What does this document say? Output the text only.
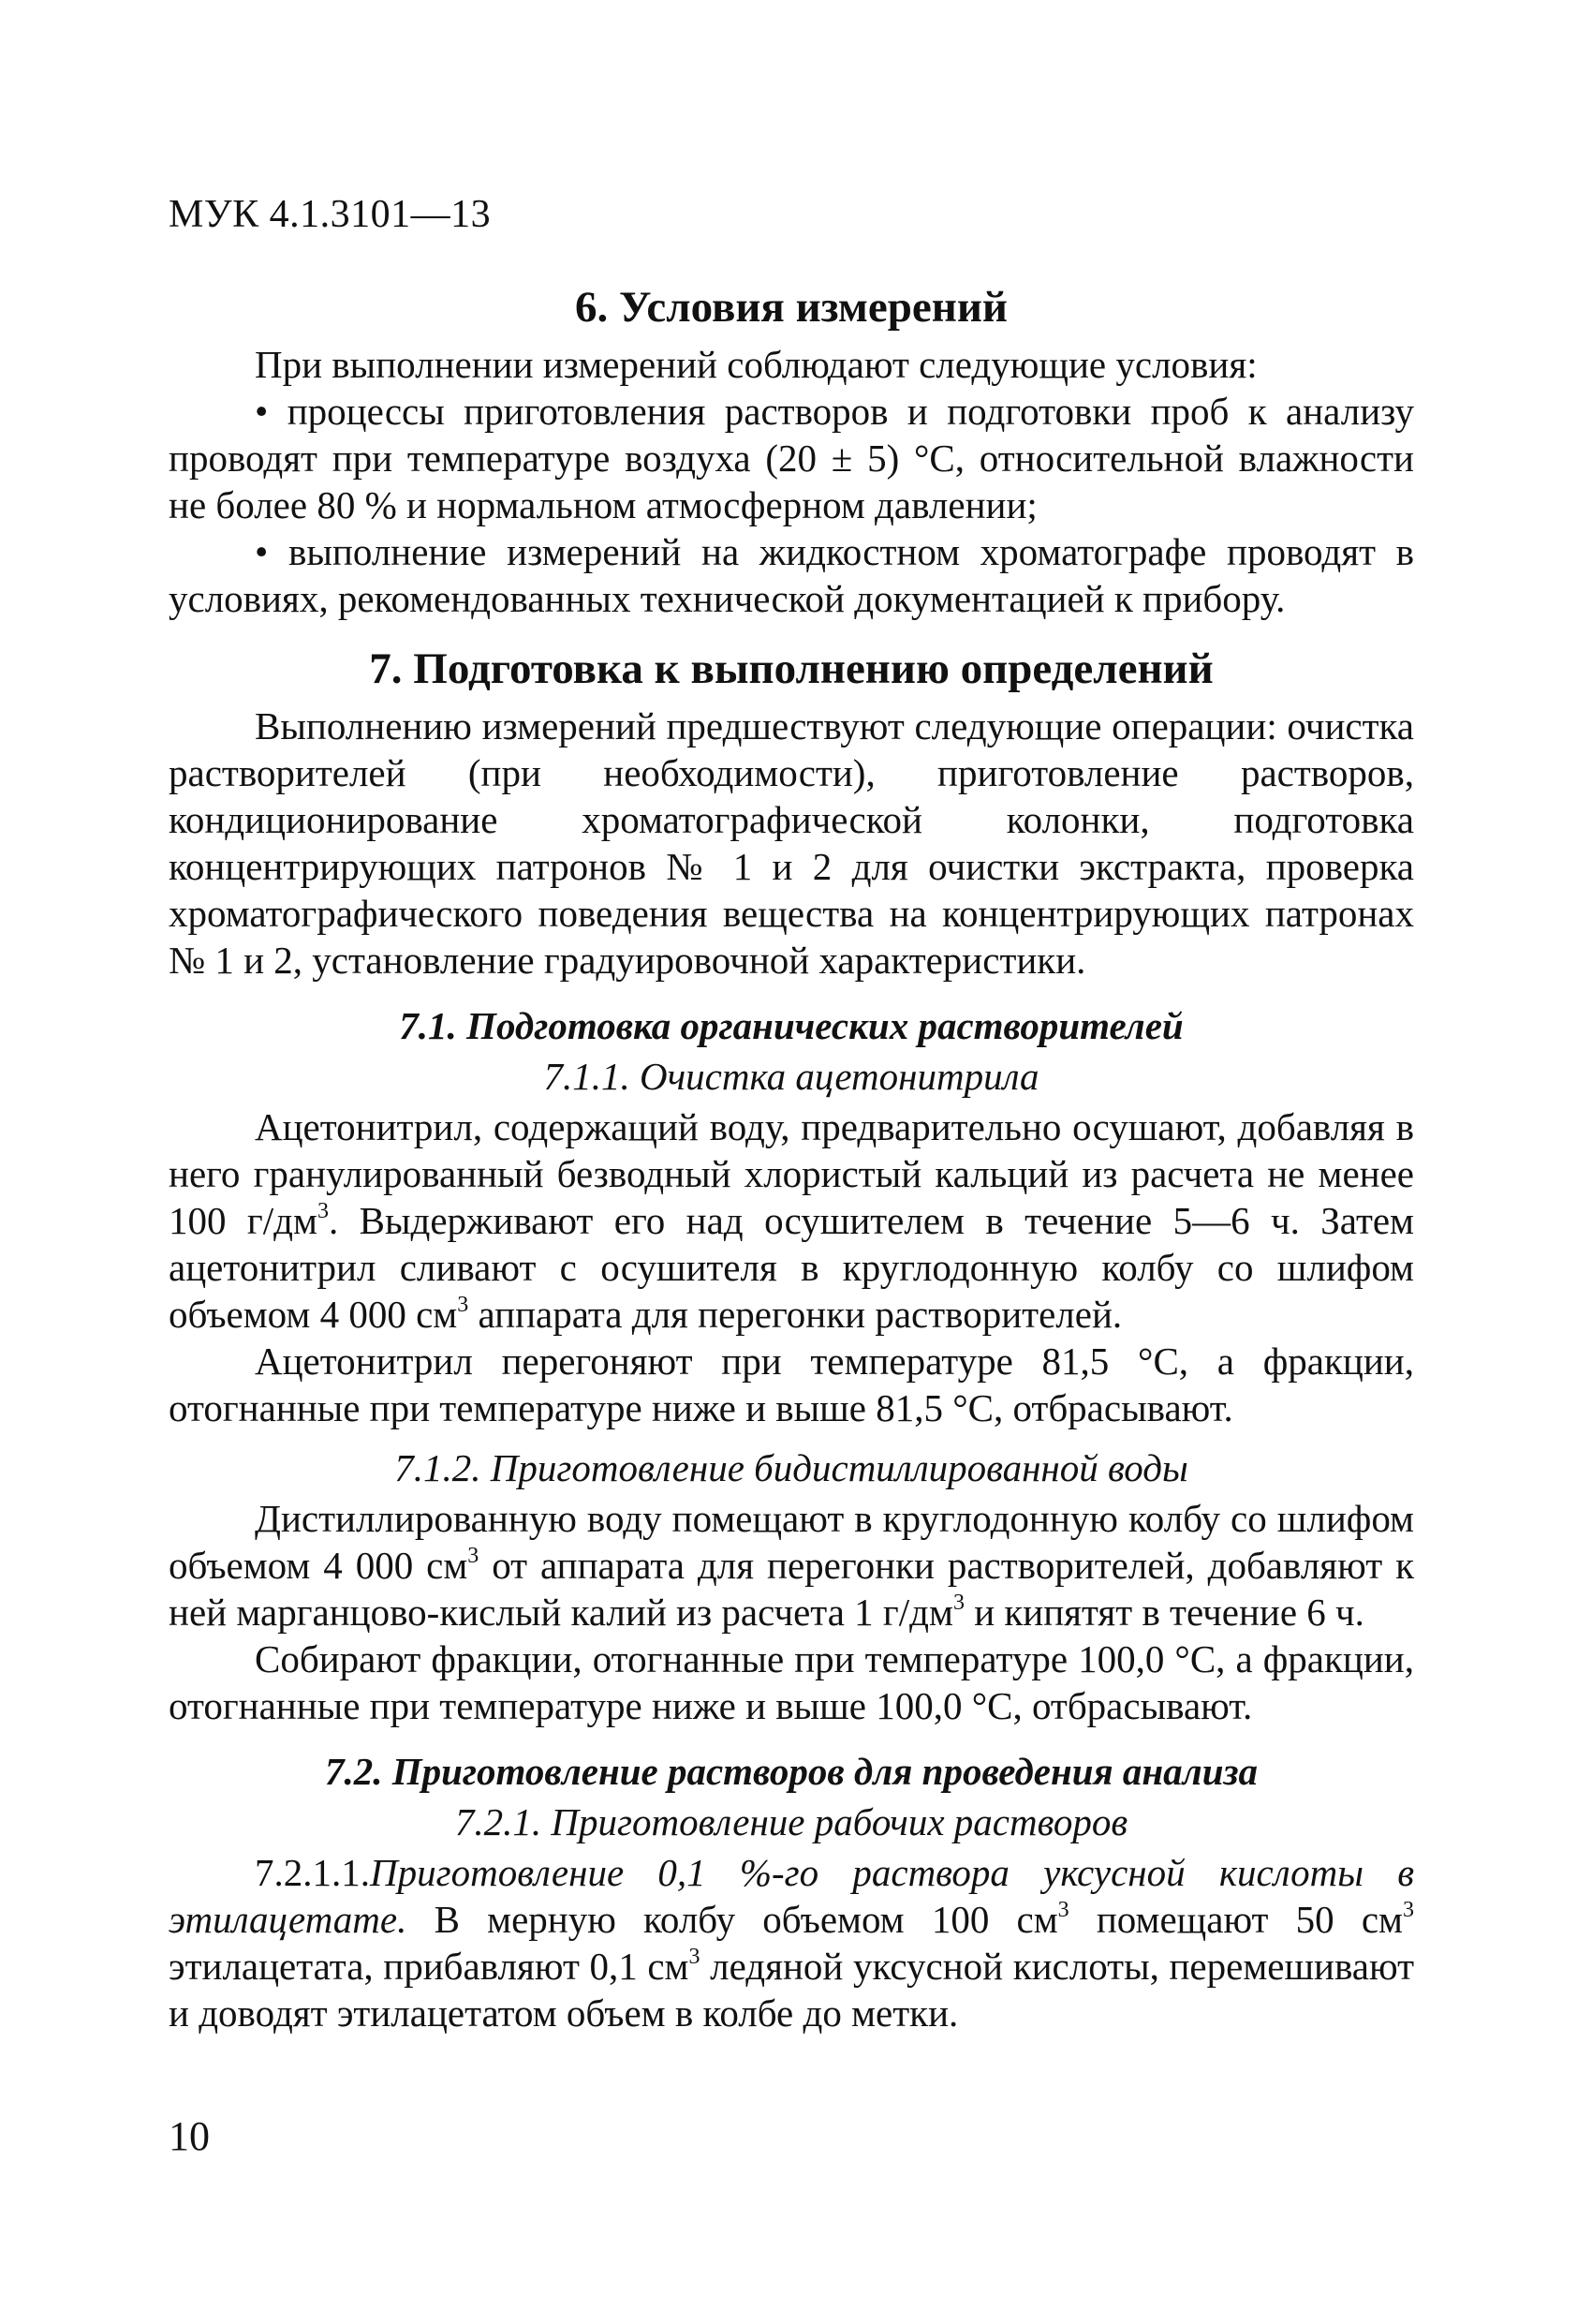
МУК 4.1.3101—13
6. Условия измерений

При выполнении измерений соблюдают следующие условия:

• процессы приготовления растворов и подготовки проб к анализу проводят при температуре воздуха (20 ± 5) °С, относительной влажности не более 80 % и нормальном атмосферном давлении;

• выполнение измерений на жидкостном хроматографе проводят в условиях, рекомендованных технической документацией к прибору.

7. Подготовка к выполнению определений

Выполнению измерений предшествуют следующие операции: очистка растворителей (при необходимости), приготовление растворов, кондиционирование хроматографической колонки, подготовка концентрирующих патронов № 1 и 2 для очистки экстракта, проверка хроматографического поведения вещества на концентрирующих патронах № 1 и 2, установление градуировочной характеристики.

7.1. Подготовка органических растворителей
7.1.1. Очистка ацетонитрила

Ацетонитрил, содержащий воду, предварительно осушают, добавляя в него гранулированный безводный хлористый кальций из расчета не менее 100 $г/дм^3$. Выдерживают его над осушителем в течение 5—6 ч. Затем ацетонитрил сливают с осушителя в круглодонную колбу со шлифом объемом 4 000 $см^3$ аппарата для перегонки растворителей.

Ацетонитрил перегоняют при температуре 81,5 °С, а фракции, отогнанные при температуре ниже и выше 81,5 °С, отбрасывают.

7.1.2. Приготовление бидистиллированной воды

Дистиллированную воду помещают в круглодонную колбу со шлифом объемом 4 000 $см^3$ от аппарата для перегонки растворителей, добавляют к ней марганцово-кислый калий из расчета 1 $г/дм^3$ и кипятят в течение 6 ч.

Собирают фракции, отогнанные при температуре 100,0 °С, а фракции, отогнанные при температуре ниже и выше 100,0 °С, отбрасывают.

7.2. Приготовление растворов для проведения анализа
7.2.1. Приготовление рабочих растворов

7.2.1.1.Приготовление 0,1 %-го раствора уксусной кислоты в этилацетате. В мерную колбу объемом 100 $см^3$ помещают 50 $см^3$ этилацетата, прибавляют 0,1 $см^3$ ледяной уксусной кислоты, перемешивают и доводят этилацетатом объем в колбе до метки.

10
